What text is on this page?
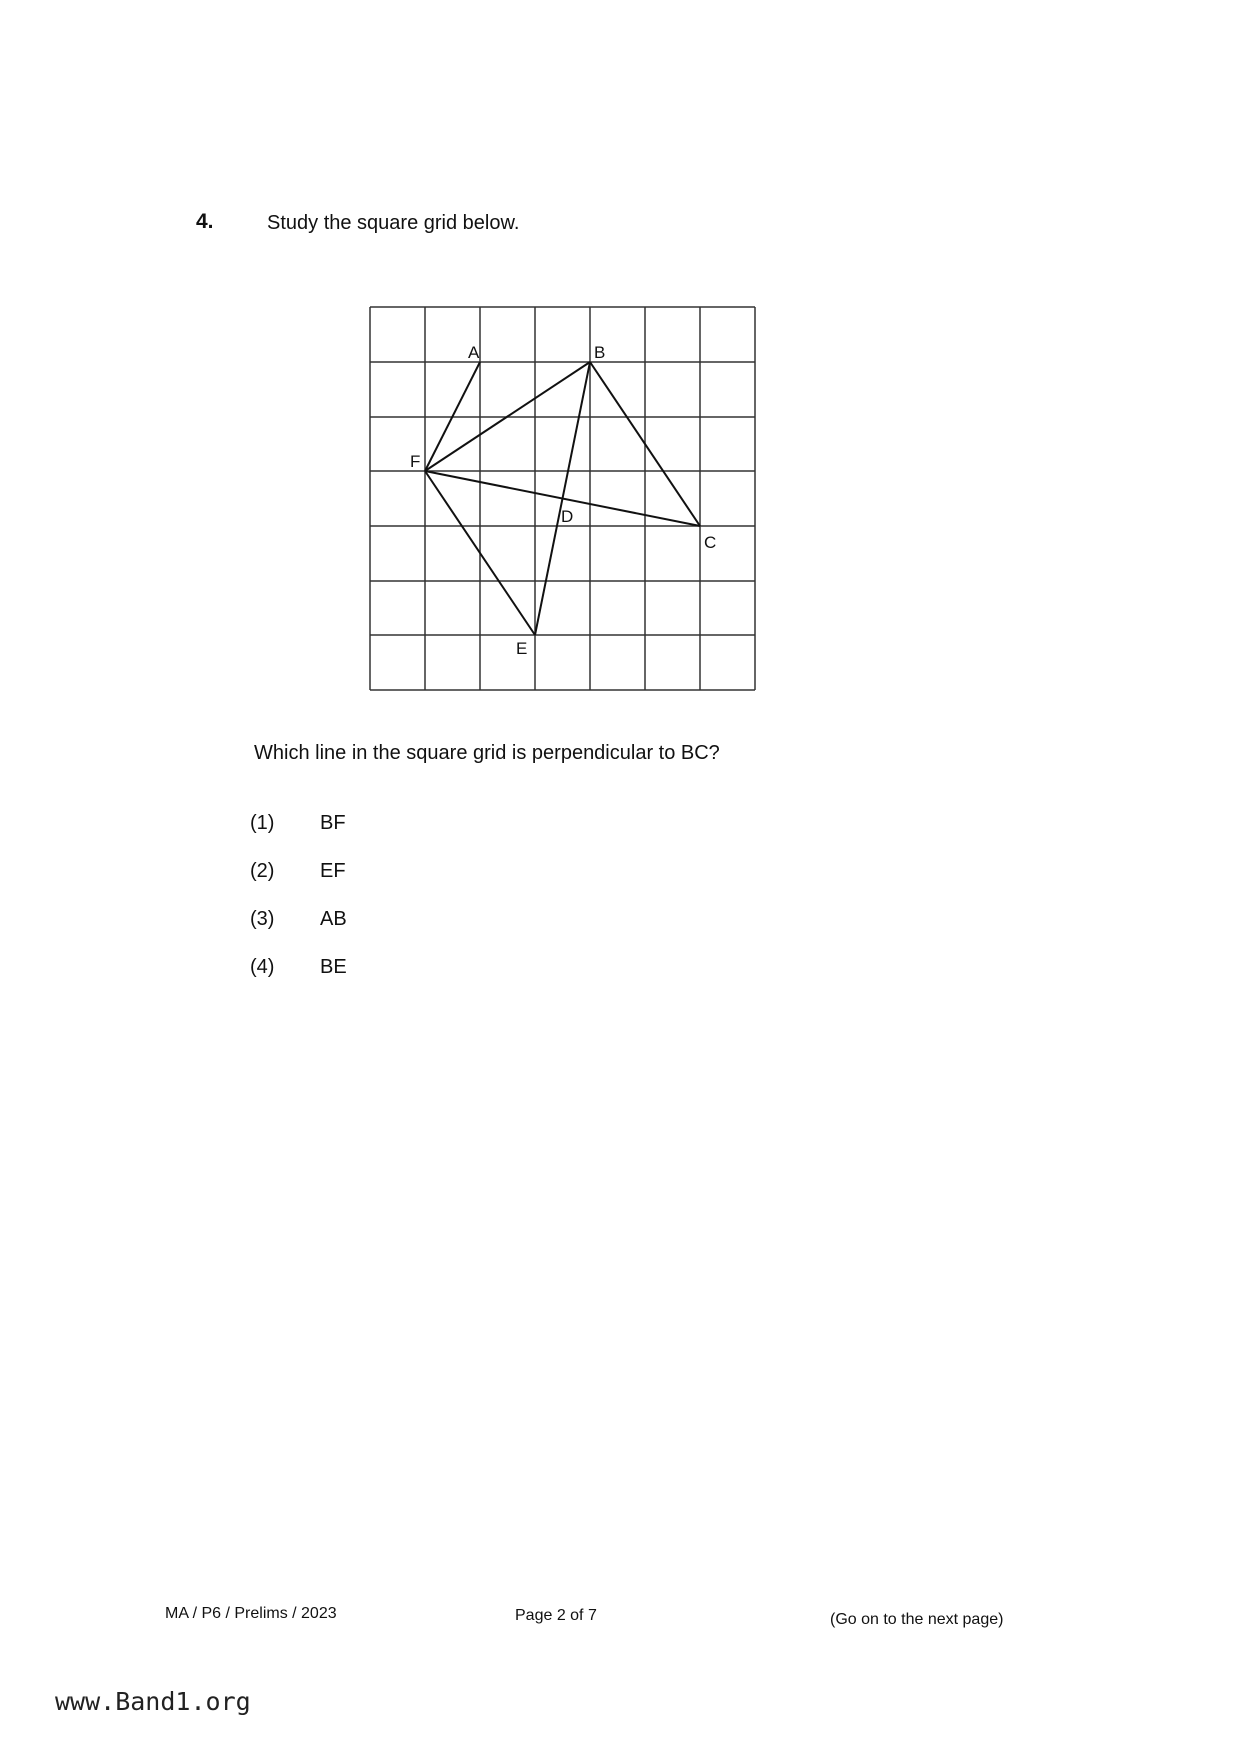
4.	Study the square grid below.
A	B
F
D
C
E
Which line in the square grid is perpendicular to BC?
(1)	BF
(2)	EF
(3)	AB
(4)	BE
MA / P6 / Prelims / 2023	Page 2 of 7	(Go on to the next page)
www.Band1.org
